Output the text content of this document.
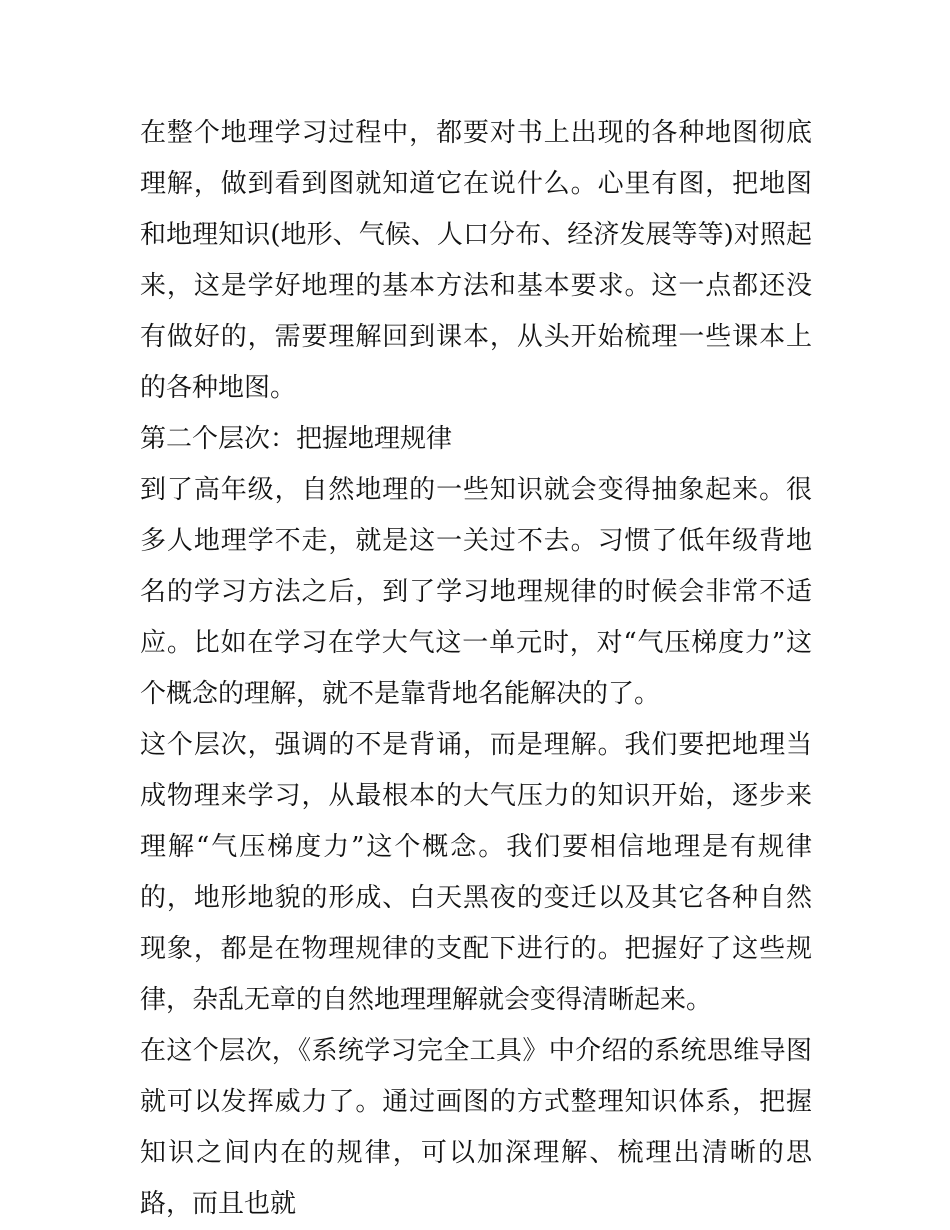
在整个地理学习过程中，都要对书上出现的各种地图彻底理解，做到看到图就知道它在说什么。心里有图，把地图和地理知识(地形、气候、人口分布、经济发展等等)对照起来，这是学好地理的基本方法和基本要求。这一点都还没有做好的，需要理解回到课本，从头开始梳理一些课本上的各种地图。

第二个层次：把握地理规律

到了高年级，自然地理的一些知识就会变得抽象起来。很多人地理学不走，就是这一关过不去。习惯了低年级背地名的学习方法之后，到了学习地理规律的时候会非常不适应。比如在学习在学大气这一单元时，对“气压梯度力”这个概念的理解，就不是靠背地名能解决的了。

这个层次，强调的不是背诵，而是理解。我们要把地理当成物理来学习，从最根本的大气压力的知识开始，逐步来理解“气压梯度力”这个概念。我们要相信地理是有规律的，地形地貌的形成、白天黑夜的变迁以及其它各种自然现象，都是在物理规律的支配下进行的。把握好了这些规律，杂乱无章的自然地理理解就会变得清晰起来。

在这个层次，《系统学习完全工具》中介绍的系统思维导图就可以发挥威力了。通过画图的方式整理知识体系，把握知识之间内在的规律，可以加深理解、梳理出清晰的思路，而且也就
